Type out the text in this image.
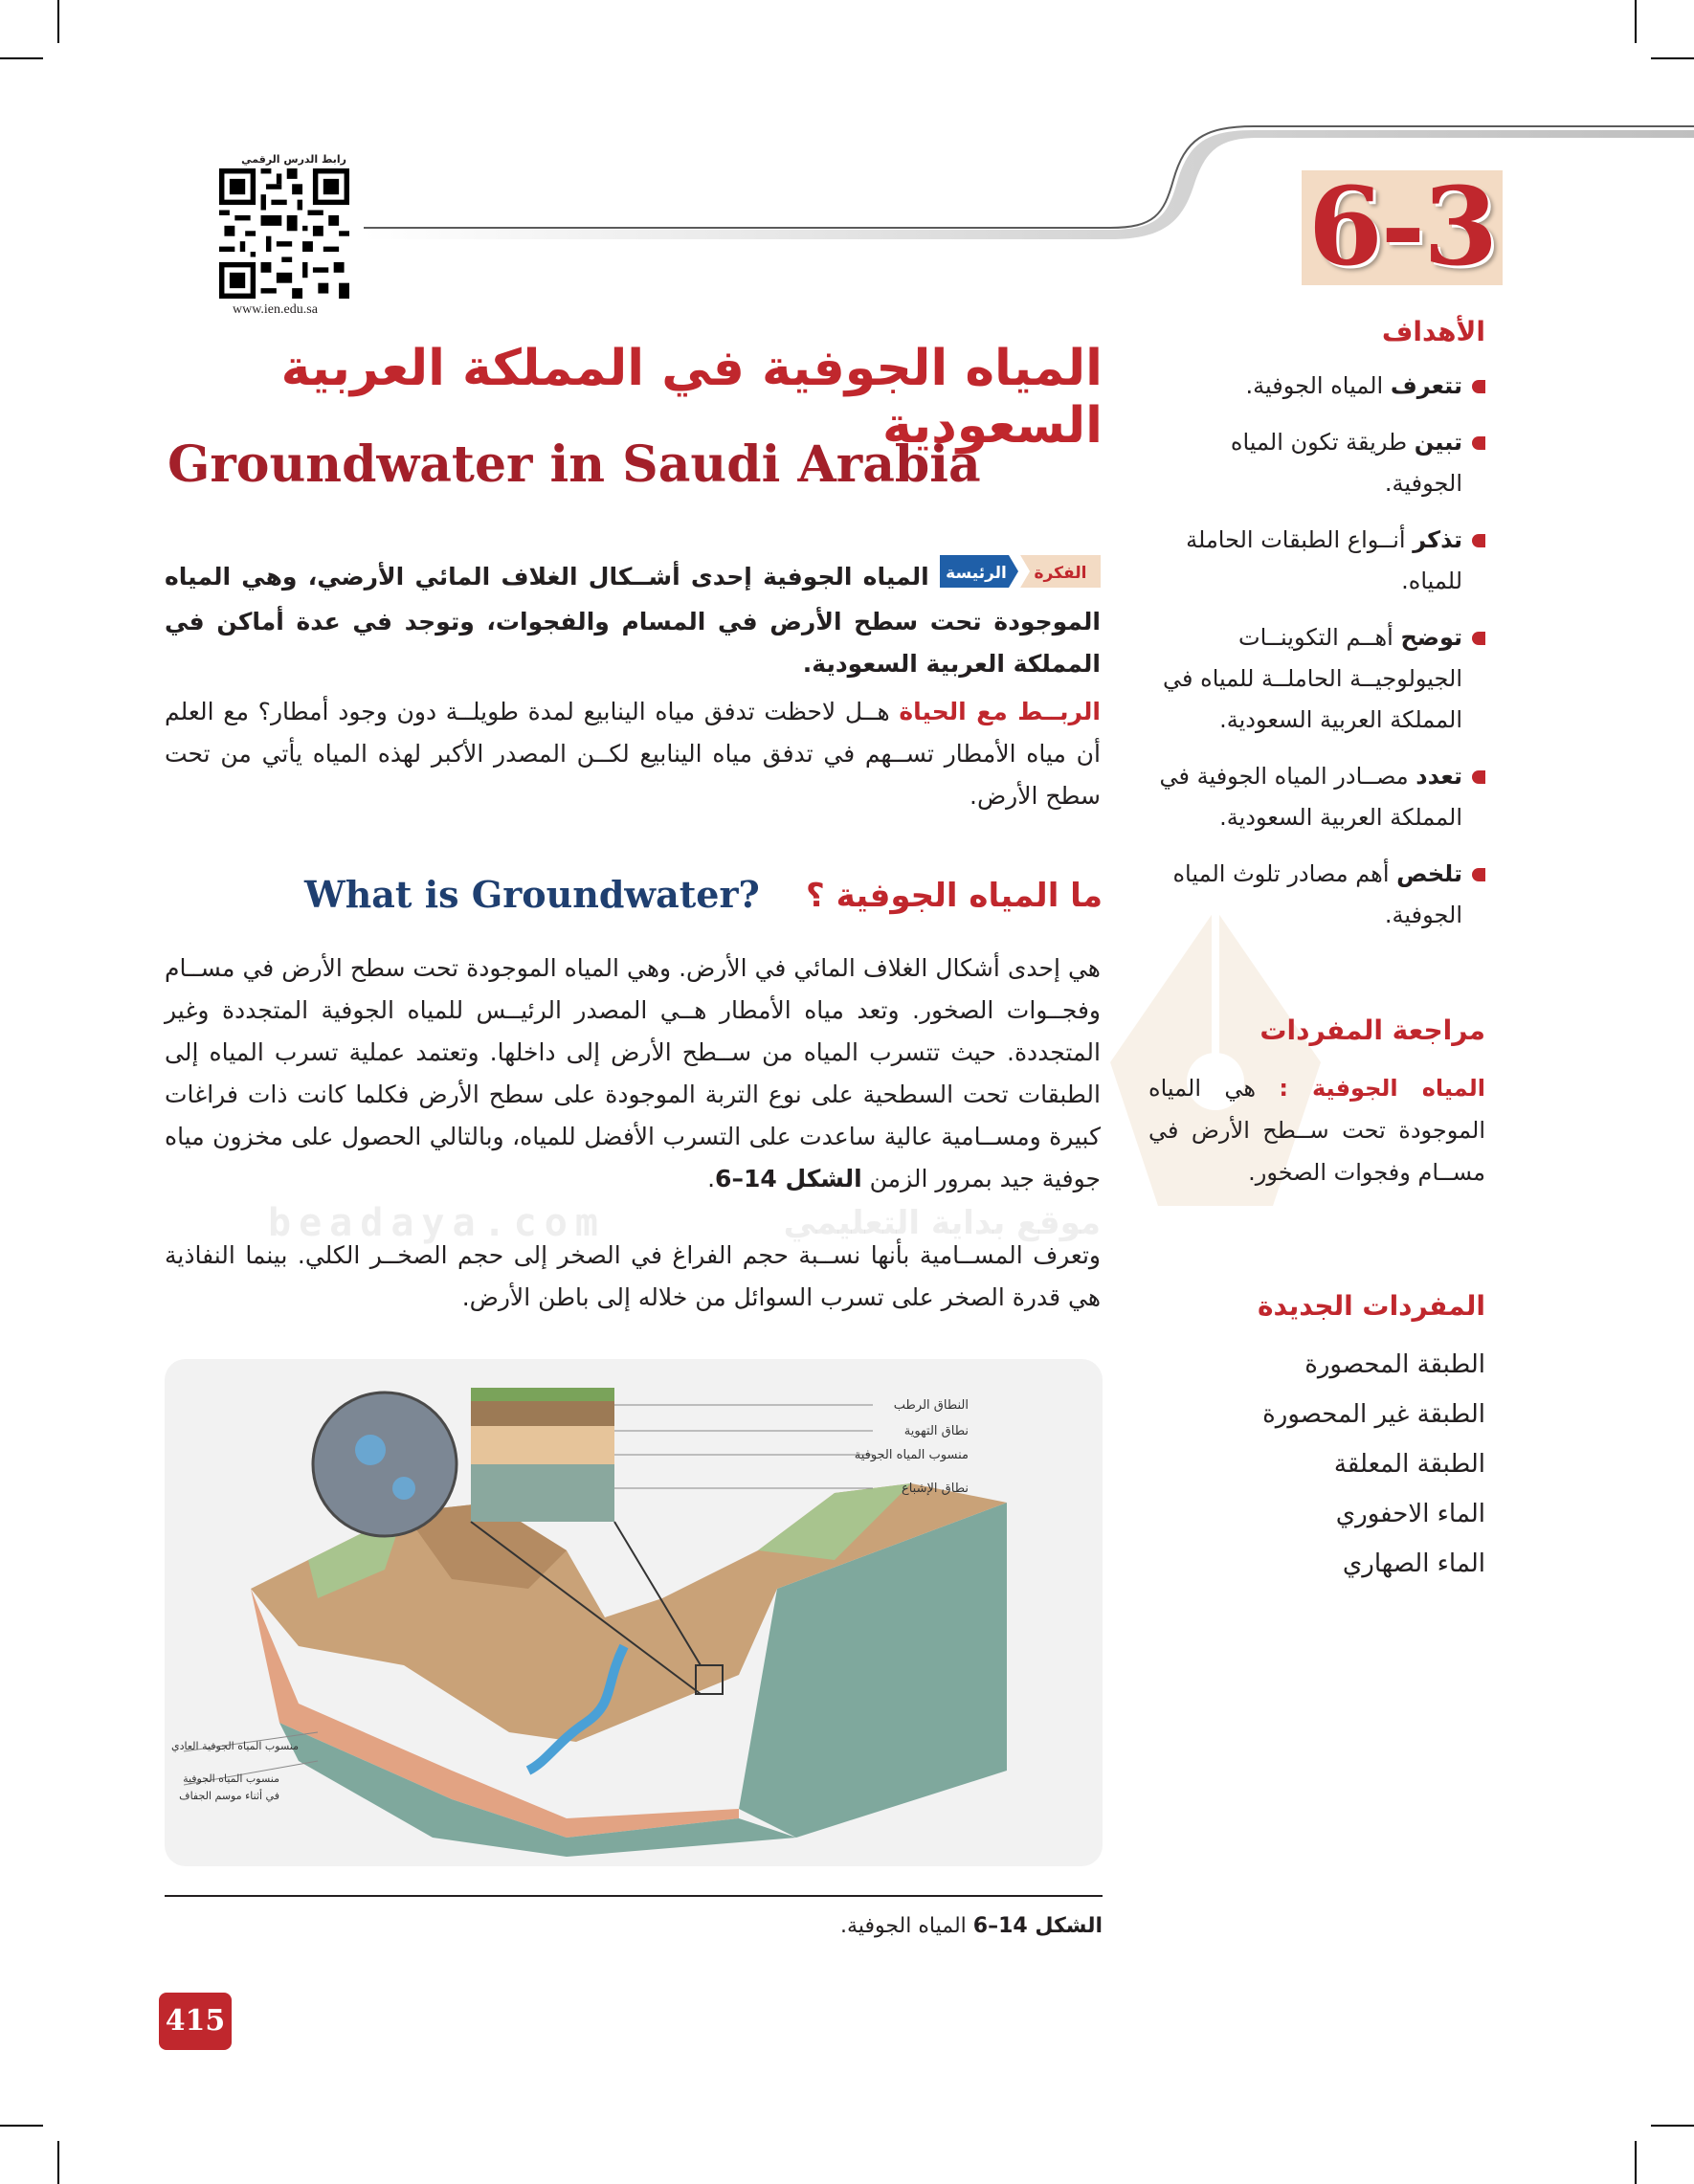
6-3
رابط الدرس الرقمي
www.ien.edu.sa
المياه الجوفية في المملكة العربية السعودية
Groundwater in Saudi Arabia
الفكرة
الرئيسة
المياه الجوفية إحدى أشــكال الغلاف المائي الأرضي، وهي المياه الموجودة تحت سطح الأرض في المسام والفجوات، وتوجد في عدة أماكن في المملكة العربية السعودية.
الربــط مع الحياة هــل لاحظت تدفق مياه الينابيع لمدة طويلــة دون وجود أمطار؟ مع العلم أن مياه الأمطار تســهم في تدفق مياه الينابيع لكــن المصدر الأكبر لهذه المياه يأتي من تحت سطح الأرض.
What is Groundwater? ما المياه الجوفية ؟
beadaya.com	موقع بداية التعليمي
هي إحدى أشكال الغلاف المائي في الأرض. وهي المياه الموجودة تحت سطح الأرض في مســام وفجــوات الصخور. وتعد مياه الأمطار هــي المصدر الرئيــس للمياه الجوفية المتجددة وغير المتجددة. حيث تتسرب المياه من ســطح الأرض إلى داخلها. وتعتمد عملية تسرب المياه إلى الطبقات تحت السطحية على نوع التربة الموجودة على سطح الأرض فكلما كانت ذات فراغات كبيرة ومســامية عالية ساعدت على التسرب الأفضل للمياه، وبالتالي الحصول على مخزون مياه جوفية جيد بمرور الزمن الشكل 14–6.
وتعرف المســامية بأنها نســبة حجم الفراغ في الصخر إلى حجم الصخــر الكلي. بينما النفاذية هي قدرة الصخر على تسرب السوائل من خلاله إلى باطن الأرض.
النطاق الرطب
نطاق التهوية
منسوب المياه الجوفية
نطاق الإشباع
منسوب المياه الجوفية العادي
منسوب المياه الجوفية
في أثناء موسم الجفاف
الشكل 14–6 المياه الجوفية.
الأهداف
تتعرف المياه الجوفية.
تبين طريقة تكون المياه الجوفية.
تذكر أنــواع الطبقات الحاملة للمياه.
توضح أهــم التكوينــات الجيولوجيــة الحاملــة للمياه في المملكة العربية السعودية.
تعدد مصــادر المياه الجوفية في المملكة العربية السعودية.
تلخص أهم مصادر تلوث المياه الجوفية.
مراجعة المفردات
المياه الجوفية : هي المياه الموجودة تحت ســطح الأرض في مســام وفجوات الصخور.
المفردات الجديدة
الطبقة المحصورة
الطبقة غير المحصورة
الطبقة المعلقة
الماء الاحفوري
الماء الصهاري
415
